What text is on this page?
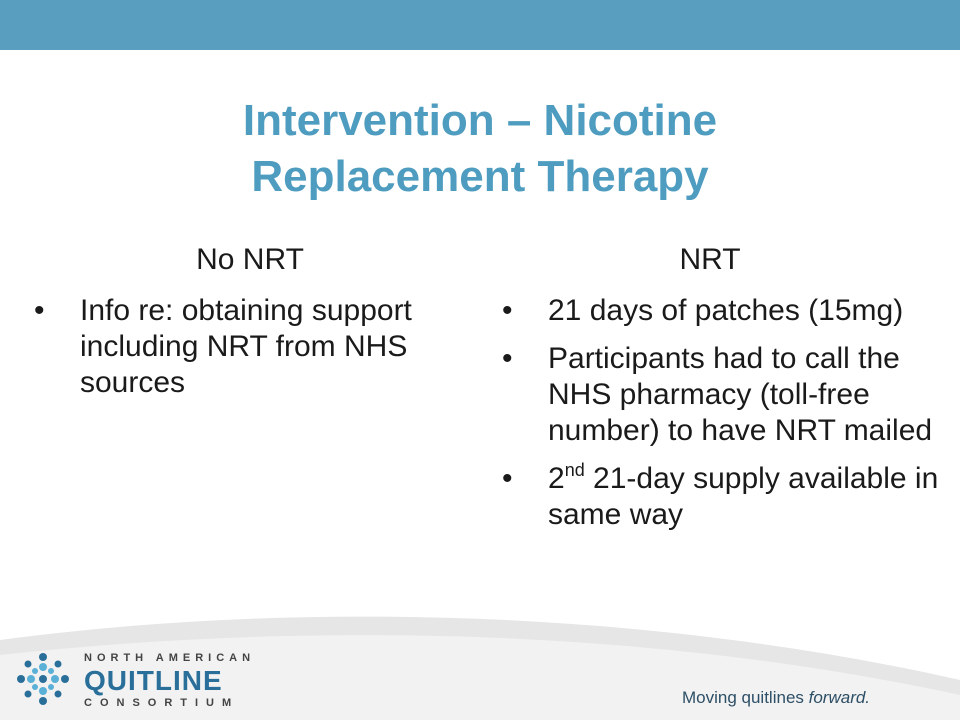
Intervention – Nicotine
Replacement Therapy
No NRT	NRT
• Info re: obtaining support including NRT from NHS sources
• 21 days of patches (15mg)
• Participants had to call the NHS pharmacy (toll-free number) to have NRT mailed
• 2nd 21-day supply available in same way
NORTH AMERICAN
QUITLINE
CONSORTIUM	Moving quitlines forward.
